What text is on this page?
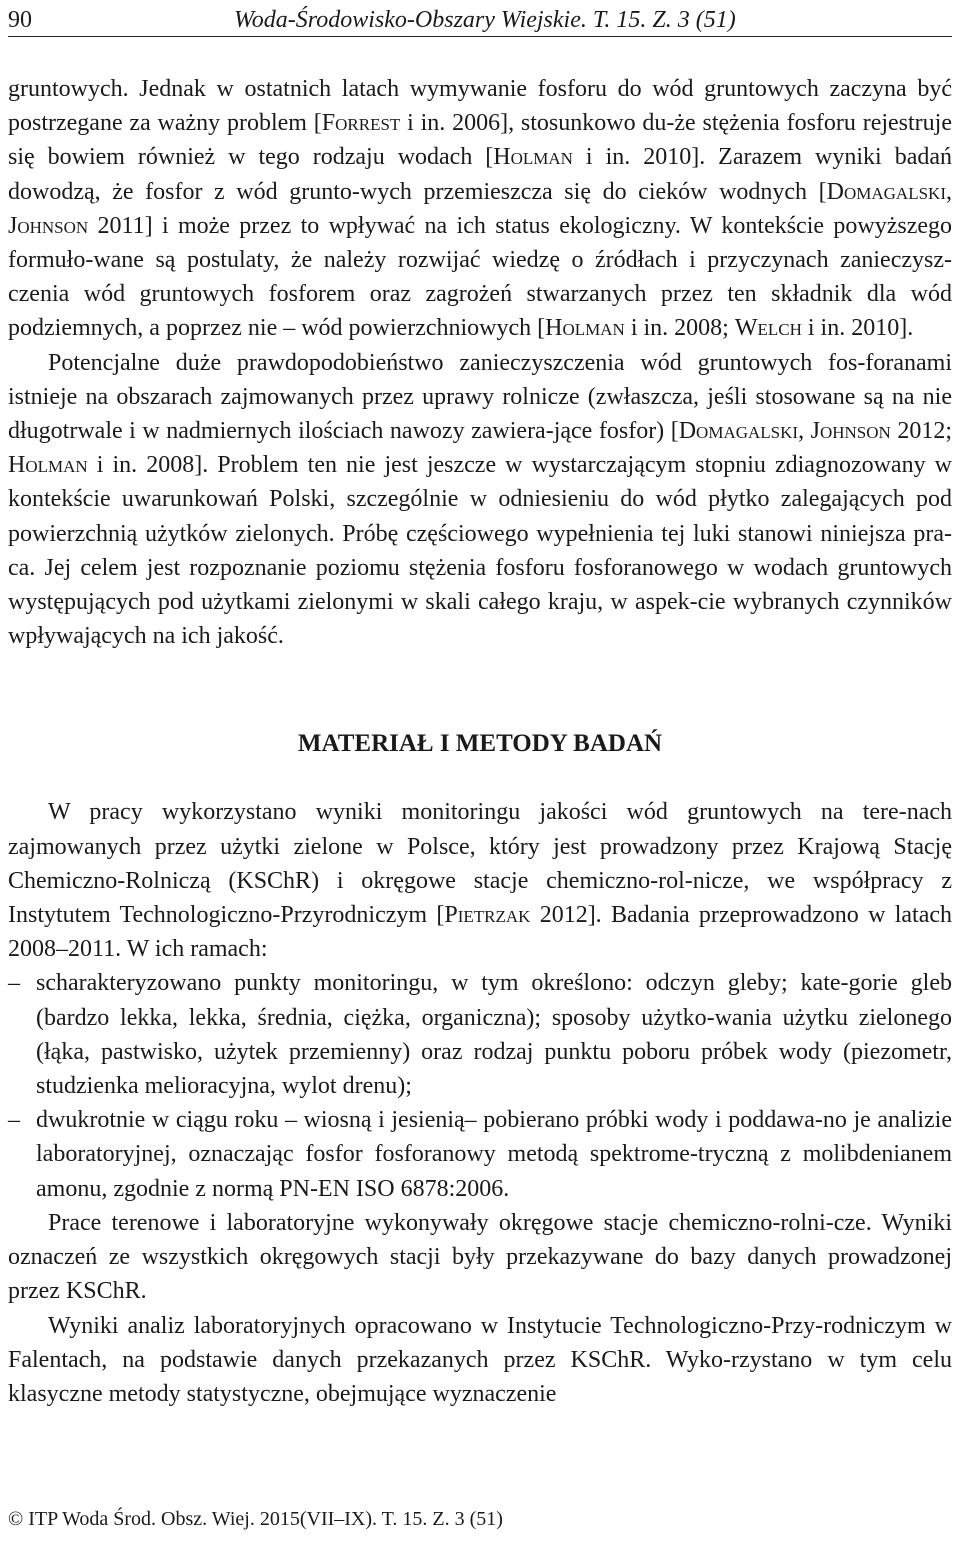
90	Woda-Środowisko-Obszary Wiejskie. T. 15. Z. 3 (51)

gruntowych. Jednak w ostatnich latach wymywanie fosforu do wód gruntowych zaczyna być postrzegane za ważny problem [Forrest i in. 2006], stosunkowo du-że stężenia fosforu rejestruje się bowiem również w tego rodzaju wodach [Holman i in. 2010]. Zarazem wyniki badań dowodzą, że fosfor z wód grunto-wych przemieszcza się do cieków wodnych [Domagalski, Johnson 2011] i może przez to wpływać na ich status ekologiczny. W kontekście powyższego formuło-wane są postulaty, że należy rozwijać wiedzę o źródłach i przyczynach zanieczysz-czenia wód gruntowych fosforem oraz zagrożeń stwarzanych przez ten składnik dla wód podziemnych, a poprzez nie – wód powierzchniowych [Holman i in. 2008; Welch i in. 2010].

Potencjalne duże prawdopodobieństwo zanieczyszczenia wód gruntowych fos-foranami istnieje na obszarach zajmowanych przez uprawy rolnicze (zwłaszcza, jeśli stosowane są na nie długotrwale i w nadmiernych ilościach nawozy zawiera-jące fosfor) [Domagalski, Johnson 2012; Holman i in. 2008]. Problem ten nie jest jeszcze w wystarczającym stopniu zdiagnozowany w kontekście uwarunkowań Polski, szczególnie w odniesieniu do wód płytko zalegających pod powierzchnią użytków zielonych. Próbę częściowego wypełnienia tej luki stanowi niniejsza pra-ca. Jej celem jest rozpoznanie poziomu stężenia fosforu fosforanowego w wodach gruntowych występujących pod użytkami zielonymi w skali całego kraju, w aspek-cie wybranych czynników wpływających na ich jakość.

MATERIAŁ I METODY BADAŃ

W pracy wykorzystano wyniki monitoringu jakości wód gruntowych na tere-nach zajmowanych przez użytki zielone w Polsce, który jest prowadzony przez Krajową Stację Chemiczno-Rolniczą (KSChR) i okręgowe stacje chemiczno-rol-nicze, we współpracy z Instytutem Technologiczno-Przyrodniczym [Pietrzak 2012]. Badania przeprowadzono w latach 2008–2011. W ich ramach:

– scharakteryzowano punkty monitoringu, w tym określono: odczyn gleby; kate-gorie gleb (bardzo lekka, lekka, średnia, ciężka, organiczna); sposoby użytko-wania użytku zielonego (łąka, pastwisko, użytek przemienny) oraz rodzaj punktu poboru próbek wody (piezometr, studzienka melioracyjna, wylot drenu);
– dwukrotnie w ciągu roku – wiosną i jesienią– pobierano próbki wody i poddawa-no je analizie laboratoryjnej, oznaczając fosfor fosforanowy metodą spektrome-tryczną z molibdenianem amonu, zgodnie z normą PN-EN ISO 6878:2006.

Prace terenowe i laboratoryjne wykonywały okręgowe stacje chemiczno-rolni-cze. Wyniki oznaczeń ze wszystkich okręgowych stacji były przekazywane do bazy danych prowadzonej przez KSChR.

Wyniki analiz laboratoryjnych opracowano w Instytucie Technologiczno-Przy-rodniczym w Falentach, na podstawie danych przekazanych przez KSChR. Wyko-rzystano w tym celu klasyczne metody statystyczne, obejmujące wyznaczenie

© ITP Woda Środ. Obsz. Wiej. 2015(VII–IX). T. 15. Z. 3 (51)
